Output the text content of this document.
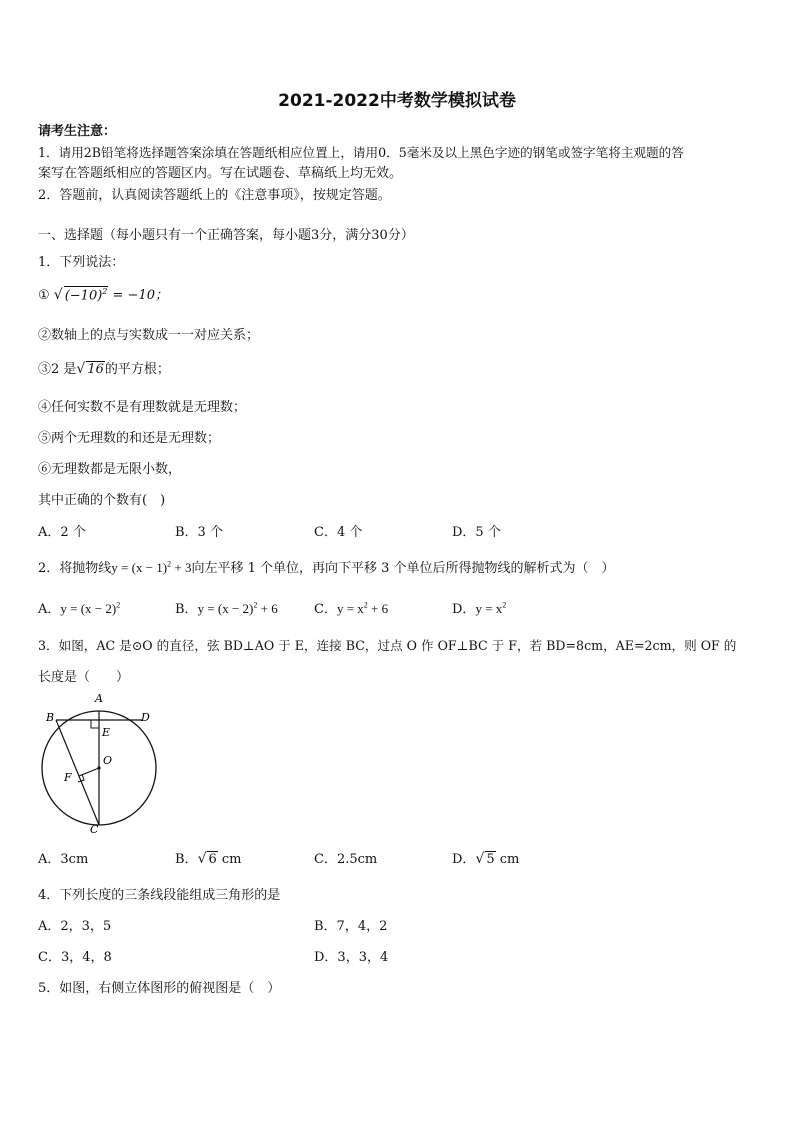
2021-2022中考数学模拟试卷
请考生注意：
1．请用2B铅笔将选择题答案涂填在答题纸相应位置上，请用0．5毫米及以上黑色字迹的钢笔或签字笔将主观题的答
案写在答题纸相应的答题区内。写在试题卷、草稿纸上均无效。
2．答题前，认真阅读答题纸上的《注意事项》，按规定答题。
一、选择题（每小题只有一个正确答案，每小题3分，满分30分）
1．下列说法：
① √ $(-10)^2 = -10$；
②数轴上的点与实数成一一对应关系；
③2 是√ 16的平方根；
④任何实数不是有理数就是无理数；
⑤两个无理数的和还是无理数；
⑥无理数都是无限小数，
其中正确的个数有(　)
A．2 个	B．3 个	C．4 个	D．5 个
2．将抛物线$y = (x - 1)^2 + 3$向左平移 1 个单位，再向下平移 3 个单位后所得抛物线的解析式为（　）
A．$y = (x - 2)^2$	B．$y = (x - 2)^2 + 6$	C．$y = x^2 + 6$	D．$y = x^2$
3．如图，AC 是⊙O 的直径，弦 BD⊥AO 于 E，连接 BC，过点 O 作 OF⊥BC 于 F，若 BD=8cm，AE=2cm，则 OF 的
长度是（　　）
A
B	D
E
O
F
C
A．3cm	B．√ 6 cm	C．2.5cm	D．√ 5 cm
4．下列长度的三条线段能组成三角形的是
A．2，3，5	B．7，4，2
C．3，4，8	D．3，3，4
5．如图，右侧立体图形的俯视图是（　）
